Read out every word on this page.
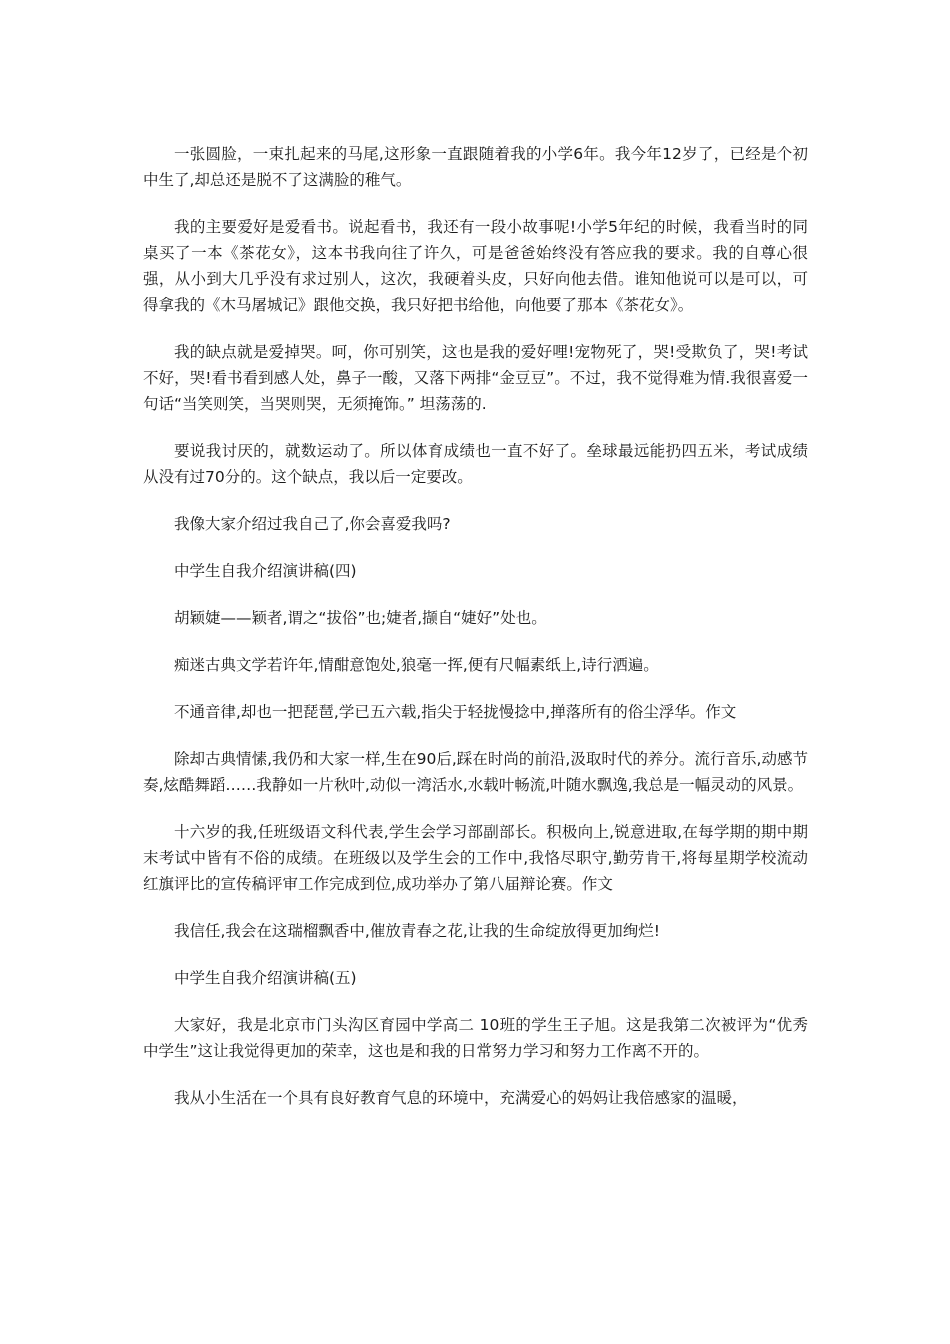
一张圆脸，一束扎起来的马尾,这形象一直跟随着我的小学6年。我今年12岁了，已经是个初中生了,却总还是脱不了这满脸的稚气。

我的主要爱好是爱看书。说起看书，我还有一段小故事呢!小学5年纪的时候，我看当时的同桌买了一本《茶花女》，这本书我向往了许久，可是爸爸始终没有答应我的要求。我的自尊心很强，从小到大几乎没有求过别人，这次，我硬着头皮，只好向他去借。谁知他说可以是可以，可得拿我的《木马屠城记》跟他交换，我只好把书给他，向他要了那本《茶花女》。

我的缺点就是爱掉哭。呵，你可别笑，这也是我的爱好哩!宠物死了，哭!受欺负了，哭!考试不好，哭!看书看到感人处，鼻子一酸，又落下两排“金豆豆”。不过，我不觉得难为情.我很喜爱一句话“当笑则笑，当哭则哭，无须掩饰。” 坦荡荡的.

要说我讨厌的，就数运动了。所以体育成绩也一直不好了。垒球最远能扔四五米，考试成绩从没有过70分的。这个缺点，我以后一定要改。

我像大家介绍过我自己了,你会喜爱我吗?

中学生自我介绍演讲稿(四)

胡颖婕——颖者,谓之“拔俗”也;婕者,撷自“婕好”处也。

痴迷古典文学若许年,情酣意饱处,狼毫一挥,便有尺幅素纸上,诗行洒遍。

不通音律,却也一把琵琶,学已五六载,指尖于轻拢慢捻中,掸落所有的俗尘浮华。作文

除却古典情愫,我仍和大家一样,生在90后,踩在时尚的前沿,汲取时代的养分。流行音乐,动感节奏,炫酷舞蹈……我静如一片秋叶,动似一湾活水,水载叶畅流,叶随水飘逸,我总是一幅灵动的风景。

十六岁的我,任班级语文科代表,学生会学习部副部长。积极向上,锐意进取,在每学期的期中期末考试中皆有不俗的成绩。在班级以及学生会的工作中,我恪尽职守,勤劳肯干,将每星期学校流动红旗评比的宣传稿评审工作完成到位,成功举办了第八届辩论赛。作文

我信任,我会在这瑞榴飘香中,催放青春之花,让我的生命绽放得更加绚烂!

中学生自我介绍演讲稿(五)

大家好，我是北京市门头沟区育园中学高二 10班的学生王子旭。这是我第二次被评为“优秀中学生”这让我觉得更加的荣幸，这也是和我的日常努力学习和努力工作离不开的。

我从小生活在一个具有良好教育气息的环境中，充满爱心的妈妈让我倍感家的温暖，
